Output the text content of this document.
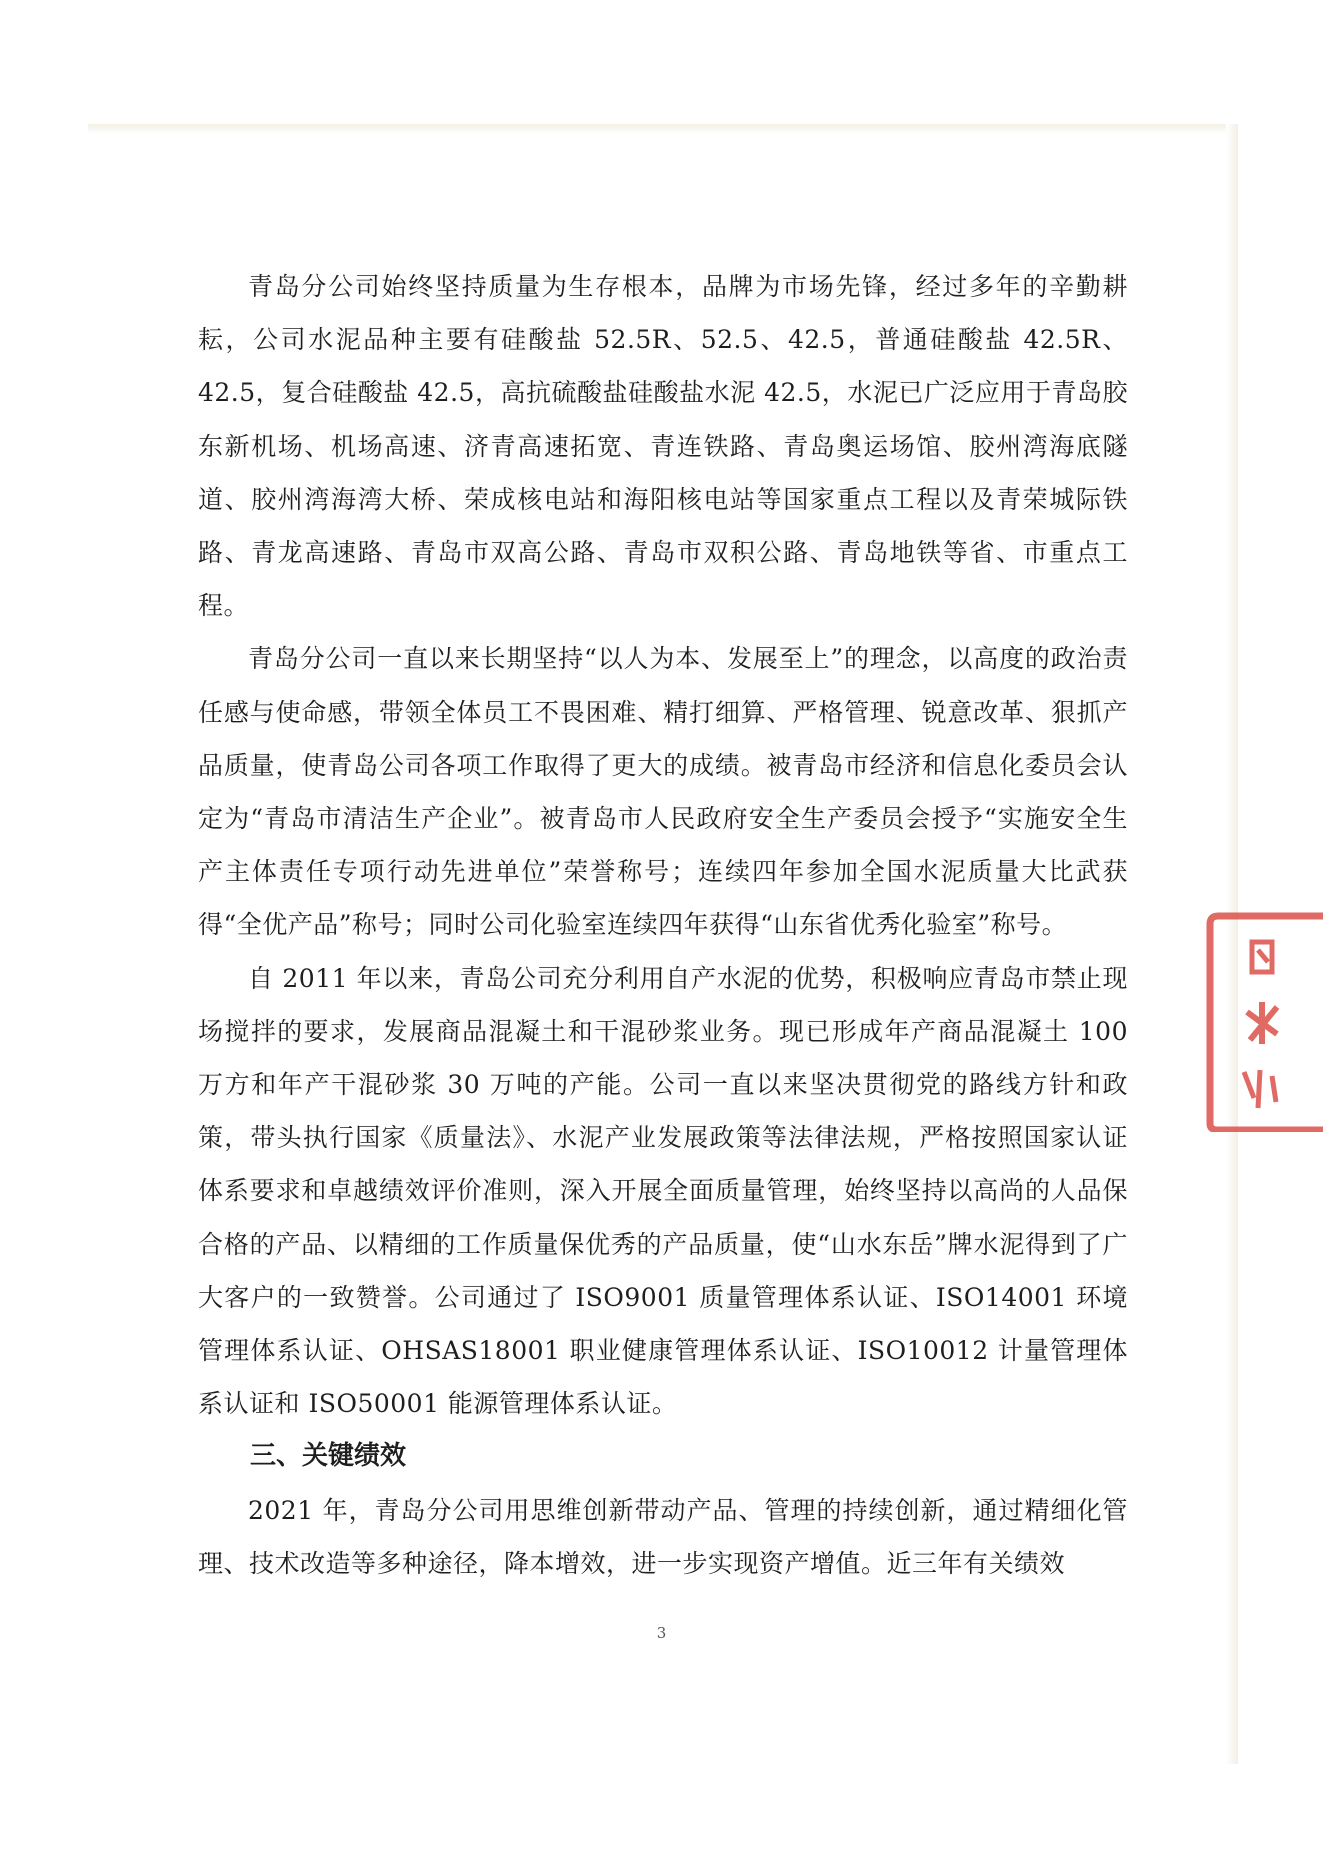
青岛分公司始终坚持质量为生存根本，品牌为市场先锋，经过多年的辛勤耕耘，公司水泥品种主要有硅酸盐 52.5R、52.5、42.5，普通硅酸盐 42.5R、42.5，复合硅酸盐 42.5，高抗硫酸盐硅酸盐水泥 42.5，水泥已广泛应用于青岛胶东新机场、机场高速、济青高速拓宽、青连铁路、青岛奥运场馆、胶州湾海底隧道、胶州湾海湾大桥、荣成核电站和海阳核电站等国家重点工程以及青荣城际铁路、青龙高速路、青岛市双高公路、青岛市双积公路、青岛地铁等省、市重点工程。

青岛分公司一直以来长期坚持“以人为本、发展至上”的理念，以高度的政治责任感与使命感，带领全体员工不畏困难、精打细算、严格管理、锐意改革、狠抓产品质量，使青岛公司各项工作取得了更大的成绩。被青岛市经济和信息化委员会认定为“青岛市清洁生产企业”。被青岛市人民政府安全生产委员会授予“实施安全生产主体责任专项行动先进单位”荣誉称号；连续四年参加全国水泥质量大比武获得“全优产品”称号；同时公司化验室连续四年获得“山东省优秀化验室”称号。

自 2011 年以来，青岛公司充分利用自产水泥的优势，积极响应青岛市禁止现场搅拌的要求，发展商品混凝土和干混砂浆业务。现已形成年产商品混凝土 100 万方和年产干混砂浆 30 万吨的产能。公司一直以来坚决贯彻党的路线方针和政策，带头执行国家《质量法》、水泥产业发展政策等法律法规，严格按照国家认证体系要求和卓越绩效评价准则，深入开展全面质量管理，始终坚持以高尚的人品保合格的产品、以精细的工作质量保优秀的产品质量，使“山水东岳”牌水泥得到了广大客户的一致赞誉。公司通过了 ISO9001 质量管理体系认证、ISO14001 环境管理体系认证、OHSAS18001 职业健康管理体系认证、ISO10012 计量管理体系认证和 ISO50001 能源管理体系认证。

三、关键绩效

2021 年，青岛分公司用思维创新带动产品、管理的持续创新，通过精细化管理、技术改造等多种途径，降本增效，进一步实现资产增值。近三年有关绩效

3
